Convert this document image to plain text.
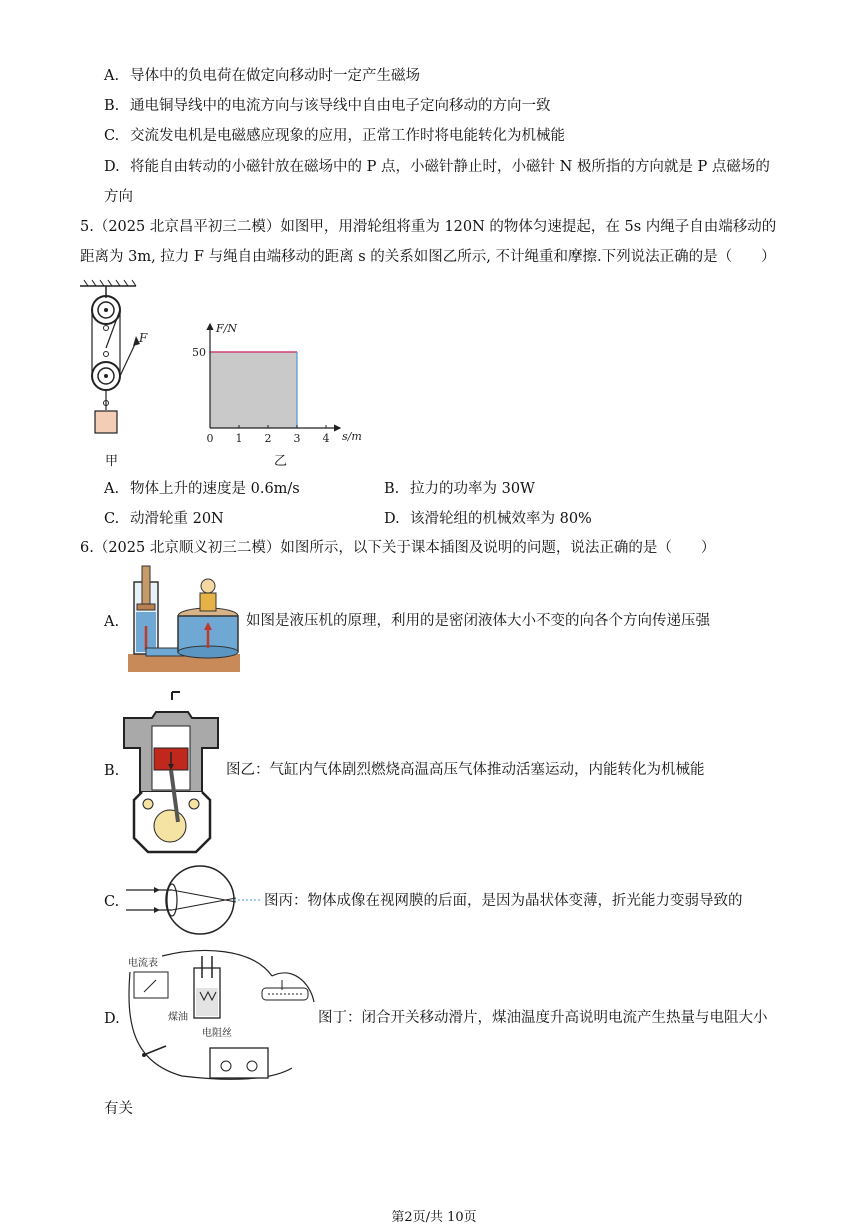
A. 导体中的负电荷在做定向移动时一定产生磁场
B. 通电铜导线中的电流方向与该导线中自由电子定向移动的方向一致
C. 交流发电机是电磁感应现象的应用，正常工作时将电能转化为机械能
D. 将能自由转动的小磁针放在磁场中的 P 点，小磁针静止时，小磁针 N 极所指的方向就是 P 点磁场的
方向
5.（2025 北京昌平初三二模）如图甲，用滑轮组将重为 120N 的物体匀速提起，在 5s 内绳子自由端移动的
距离为 3m, 拉力 F 与绳自由端移动的距离 s 的关系如图乙所示, 不计绳重和摩擦.下列说法正确的是（　　）
F
甲
F/N
s/m
50
0 1 2 3 4
乙
A. 物体上升的速度是 0.6m/s	B. 拉力的功率为 30W
C. 动滑轮重 20N	D. 该滑轮组的机械效率为 80%
6.（2025 北京顺义初三二模）如图所示，以下关于课本插图及说明的问题，说法正确的是（　　）
A.	如图是液压机的原理，利用的是密闭液体大小不变的向各个方向传递压强
B.	图乙：气缸内气体剧烈燃烧高温高压气体推动活塞运动，内能转化为机械能
C.	图丙：物体成像在视网膜的后面，是因为晶状体变薄，折光能力变弱导致的
D.
电流表
煤油
电阻丝
图丁：闭合开关移动滑片，煤油温度升高说明电流产生热量与电阻大小
有关
第2页/共 10页
